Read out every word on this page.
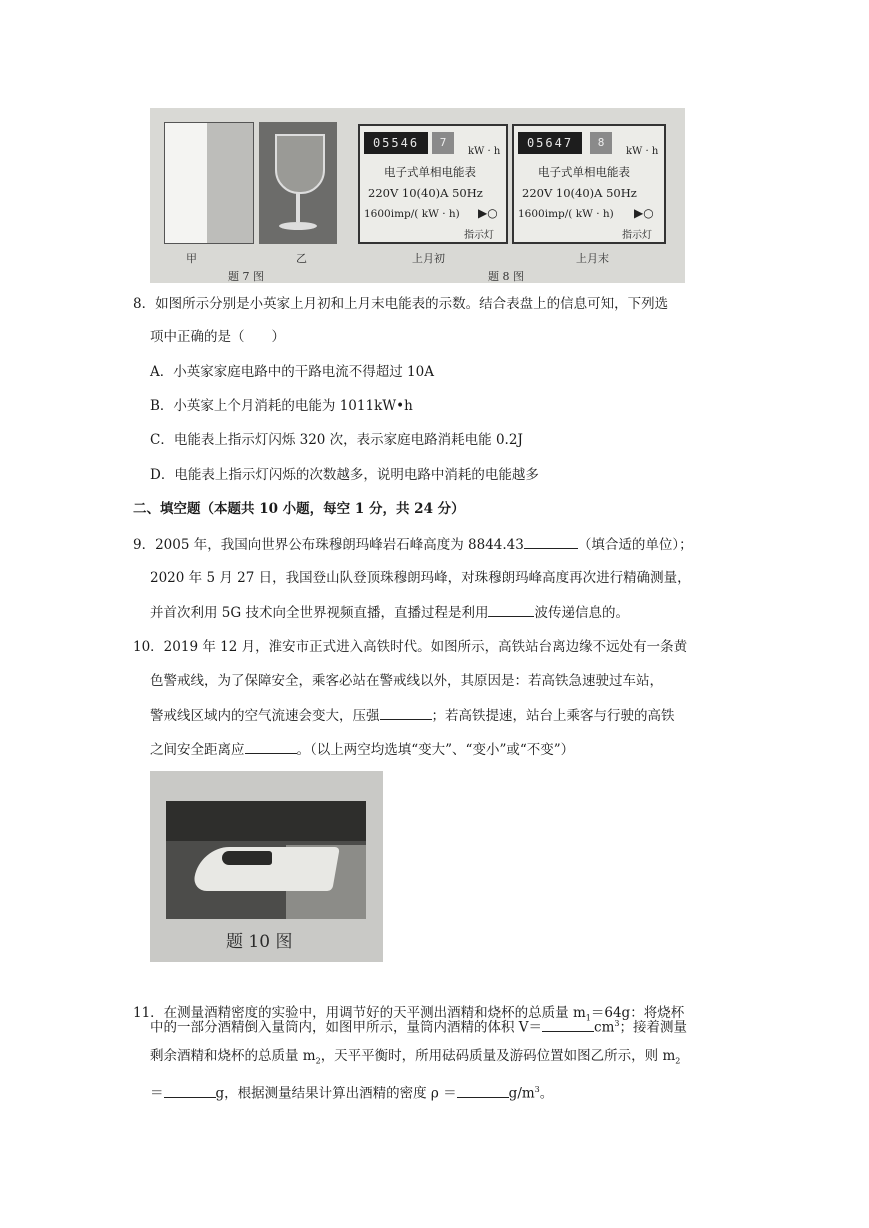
05546	7
kW · h
电子式单相电能表
220V 10(40)A 50Hz
1600imp/( kW · h) ▶○
指示灯
05647	8
kW · h
电子式单相电能表
220V 10(40)A 50Hz
1600imp/( kW · h) ▶○
指示灯
甲	乙
题 7 图
上月初
题 8 图
上月末
8．如图所示分别是小英家上月初和上月末电能表的示数。结合表盘上的信息可知，下列选
项中正确的是（　　）
A．小英家家庭电路中的干路电流不得超过 10A
B．小英家上个月消耗的电能为 1011kW•h
C．电能表上指示灯闪烁 320 次，表示家庭电路消耗电能 0.2J
D．电能表上指示灯闪烁的次数越多，说明电路中消耗的电能越多
二、填空题（本题共 10 小题，每空 1 分，共 24 分）
9．2005 年，我国向世界公布珠穆朗玛峰岩石峰高度为 8844.43	（填合适的单位）；
2020 年 5 月 27 日，我国登山队登顶珠穆朗玛峰，对珠穆朗玛峰高度再次进行精确测量，
并首次利用 5G 技术向全世界视频直播，直播过程是利用	波传递信息的。
10．2019 年 12 月，淮安市正式进入高铁时代。如图所示，高铁站台离边缘不远处有一条黄
色警戒线，为了保障安全，乘客必站在警戒线以外，其原因是：若高铁急速驶过车站，
警戒线区域内的空气流速会变大，压强	；若高铁提速，站台上乘客与行驶的高铁
之间安全距离应	。（以上两空均选填“变大”、“变小”或“不变”）
题 10 图
11．在测量酒精密度的实验中，用调节好的天平测出酒精和烧杯的总质量 $m_1=64g$：将烧杯
中的一部分酒精倒入量筒内，如图甲所示，量筒内酒精的体积 V＝	$cm^3$；接着测量
剩余酒精和烧杯的总质量 $m_2$，天平平衡时，所用砝码质量及游码位置如图乙所示，则 $m_2$
＝	g，根据测量结果计算出酒精的密度 ρ ＝	$g/m^3$。
